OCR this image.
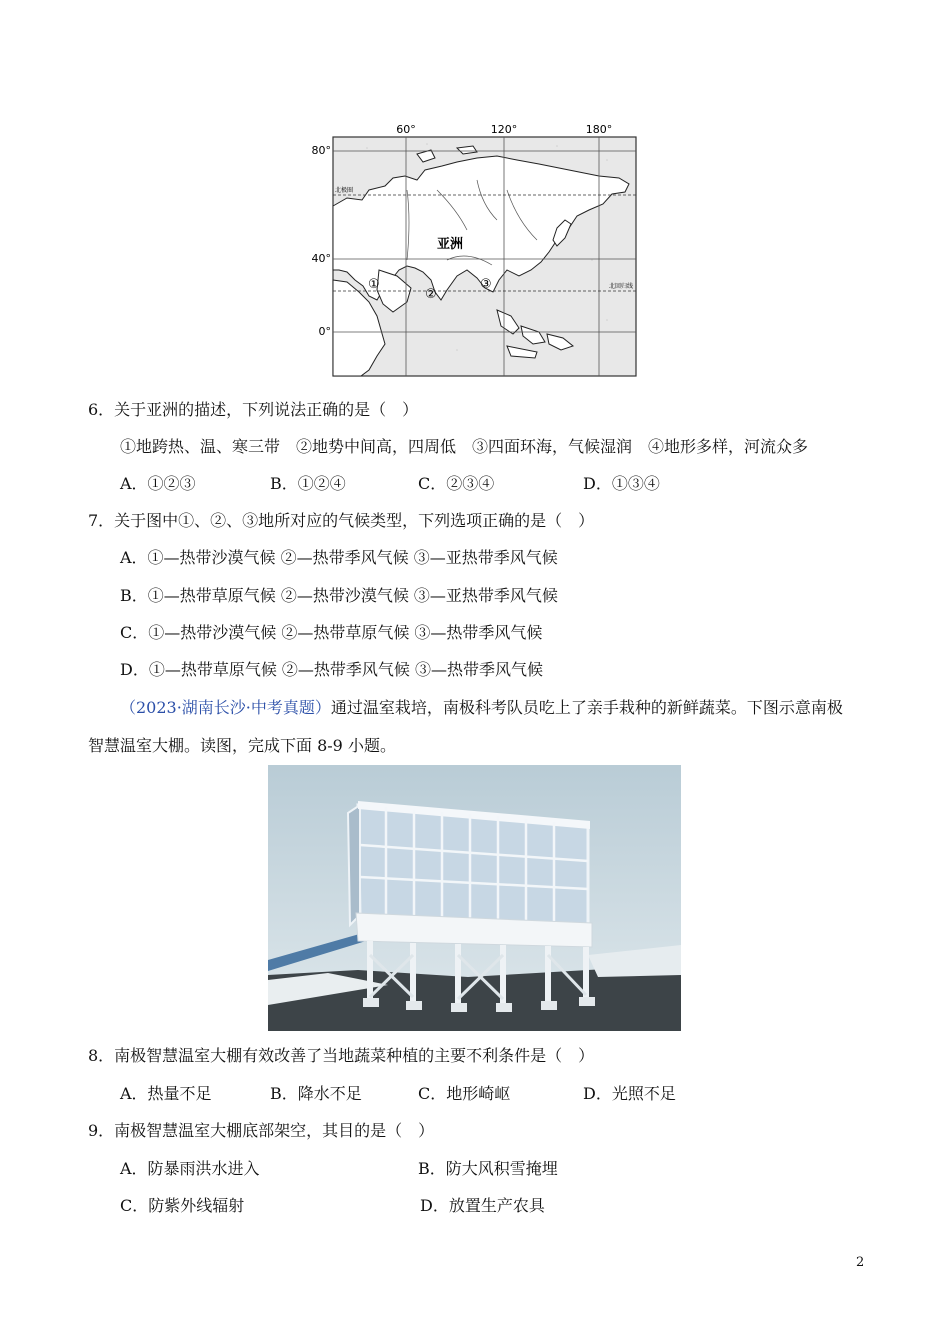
60°	120°	180°
80°
40°
0°
北极圈
北回归线
亚洲
①
②
③
6．关于亚洲的描述，下列说法正确的是（　）
①地跨热、温、寒三带　②地势中间高，四周低　③四面环海，气候湿润　④地形多样，河流众多
A．①②③	B．①②④	C．②③④	D．①③④
7．关于图中①、②、③地所对应的气候类型，下列选项正确的是（　）
A．①—热带沙漠气候 ②—热带季风气候 ③—亚热带季风气候
B．①—热带草原气候 ②—热带沙漠气候 ③—亚热带季风气候
C．①—热带沙漠气候 ②—热带草原气候 ③—热带季风气候
D．①—热带草原气候 ②—热带季风气候 ③—热带季风气候
（2023·湖南长沙·中考真题）通过温室栽培，南极科考队员吃上了亲手栽种的新鲜蔬菜。下图示意南极
智慧温室大棚。读图，完成下面 8-9 小题。
8．南极智慧温室大棚有效改善了当地蔬菜种植的主要不利条件是（　）
A．热量不足	B．降水不足	C．地形崎岖	D．光照不足
9．南极智慧温室大棚底部架空，其目的是（　）
A．防暴雨洪水进入	B．防大风积雪掩埋
C．防紫外线辐射	D．放置生产农具
2
